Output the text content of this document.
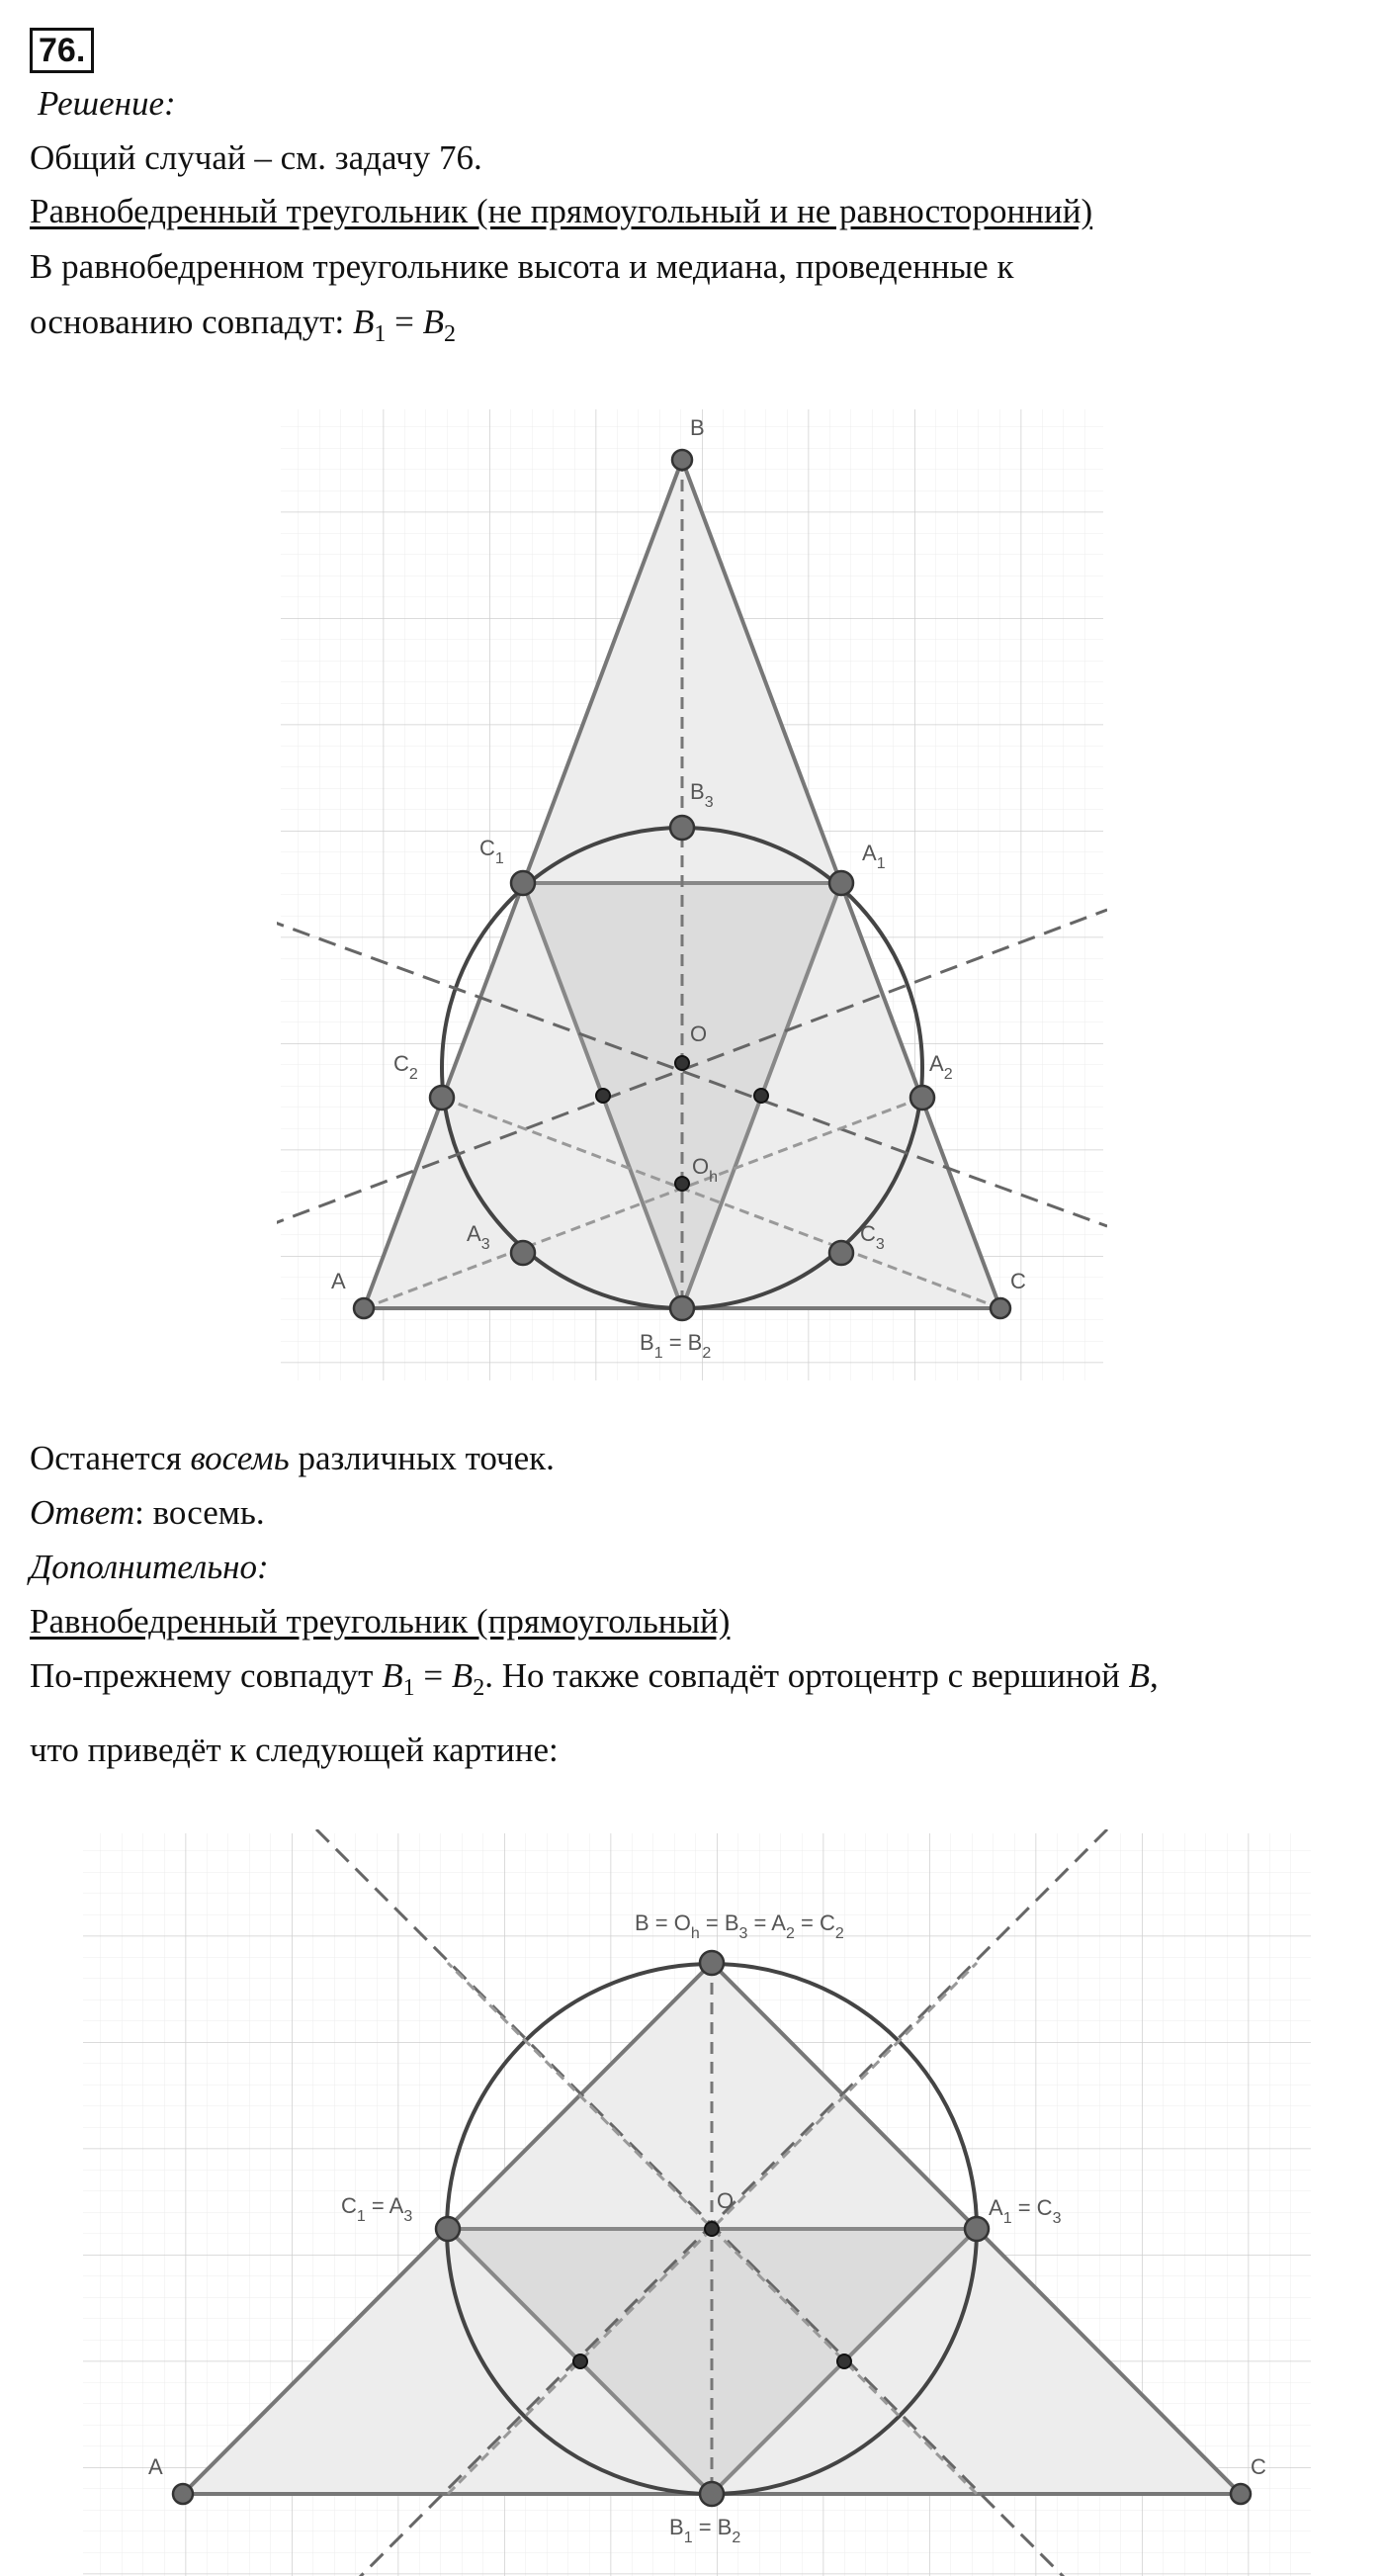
76.
Решение:
Общий случай – см. задачу 76.
Равнобедренный треугольник (не прямоугольный и не равносторонний)
В равнобедренном треугольнике высота и медиана, проведенные к
основанию совпадут: $B_1 = B_2$
B
$B_3$
$C_1$	$A_1$
O
$C_2$	$A_2$
$O_h$
$A_3$	$C_3$
A	C
$B_1 = B_2$
Останется восемь различных точек.
Ответ: восемь.
Дополнительно:
Равнобедренный треугольник (прямоугольный)
По-прежнему совпадут $B_1 = B_2$. Но также совпадёт ортоцентр с вершиной B,
что приведёт к следующей картине:
$B = O_h = B_3 = A_2 = C_2$
$C_1 = A_3$	$A_1 = C_3$
O
A	C
$B_1 = B_2$
